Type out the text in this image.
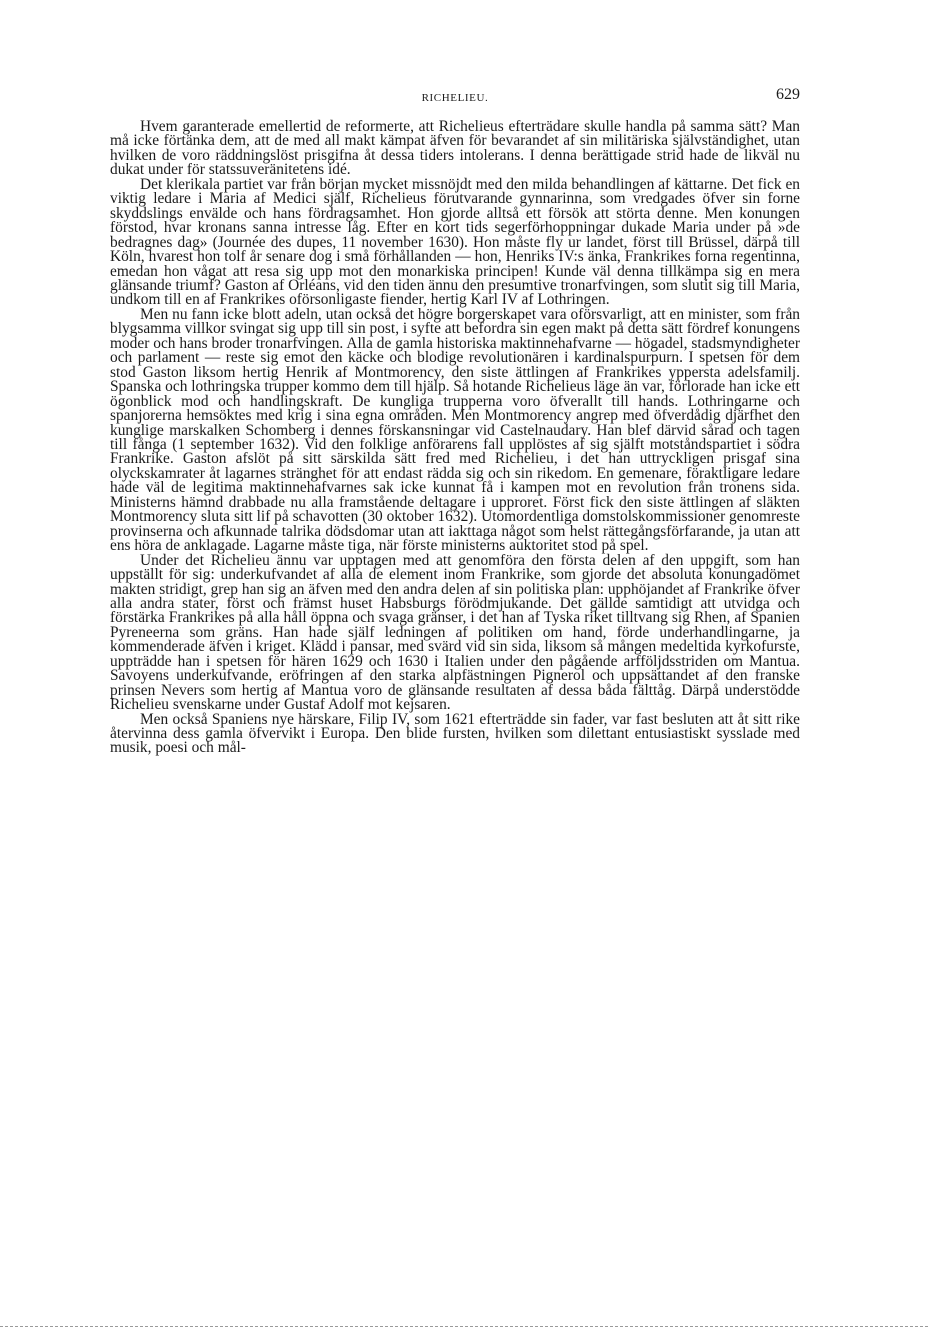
RICHELIEU.	629

Hvem garanterade emellertid de reformerte, att Richelieus efterträdare skulle handla på samma sätt? Man må icke förtänka dem, att de med all makt kämpat äfven för bevarandet af sin militäriska självständighet, utan hvilken de voro räddningslöst prisgifna åt dessa tiders intolerans. I denna berättigade strid hade de likväl nu dukat under för statssuveränitetens idé.

Det klerikala partiet var från början mycket missnöjdt med den milda behandlingen af kättarne. Det fick en viktig ledare i Maria af Medici själf, Richelieus förutvarande gynnarinna, som vredgades öfver sin forne skyddslings envälde och hans fördragsamhet. Hon gjorde alltså ett försök att störta denne. Men konungen förstod, hvar kronans sanna intresse låg. Efter en kort tids segerförhoppningar dukade Maria under på »de bedragnes dag» (Journée des dupes, 11 november 1630). Hon måste fly ur landet, först till Brüssel, därpå till Köln, hvarest hon tolf år senare dog i små förhållanden — hon, Henriks IV:s änka, Frankrikes forna regentinna, emedan hon vågat att resa sig upp mot den monarkiska principen! Kunde väl denna tillkämpa sig en mera glänsande triumf? Gaston af Orléans, vid den tiden ännu den presumtive tronarfvingen, som slutit sig till Maria, undkom till en af Frankrikes oförsonligaste fiender, hertig Karl IV af Lothringen.

Men nu fann icke blott adeln, utan också det högre borgerskapet vara oförsvarligt, att en minister, som från blygsamma villkor svingat sig upp till sin post, i syfte att befordra sin egen makt på detta sätt fördref konungens moder och hans broder tronarfvingen. Alla de gamla historiska maktinnehafvarne — högadel, stadsmyndigheter och parlament — reste sig emot den käcke och blodige revolutionären i kardinalspurpurn. I spetsen för dem stod Gaston liksom hertig Henrik af Montmorency, den siste ättlingen af Frankrikes yppersta adelsfamilj. Spanska och lothringska trupper kommo dem till hjälp. Så hotande Richelieus läge än var, förlorade han icke ett ögonblick mod och handlingskraft. De kungliga trupperna voro öfverallt till hands. Lothringarne och spanjorerna hemsöktes med krig i sina egna områden. Men Montmorency angrep med öfverdådig djärfhet den kunglige marskalken Schomberg i dennes förskansningar vid Castelnaudary. Han blef därvid sårad och tagen till fånga (1 september 1632). Vid den folklige anförarens fall upplöstes af sig själft motståndspartiet i södra Frankrike. Gaston afslöt på sitt särskilda sätt fred med Richelieu, i det han uttryckligen prisgaf sina olyckskamrater åt lagarnes stränghet för att endast rädda sig och sin rikedom. En gemenare, föraktligare ledare hade väl de legitima maktinnehafvarnes sak icke kunnat få i kampen mot en revolution från tronens sida. Ministerns hämnd drabbade nu alla framstående deltagare i upproret. Först fick den siste ättlingen af släkten Montmorency sluta sitt lif på schavotten (30 oktober 1632). Utomordentliga domstolskommissioner genomreste provinserna och afkunnade talrika dödsdomar utan att iakttaga något som helst rättegångsförfarande, ja utan att ens höra de anklagade. Lagarne måste tiga, när förste ministerns auktoritet stod på spel.

Under det Richelieu ännu var upptagen med att genomföra den första delen af den uppgift, som han uppställt för sig: underkufvandet af alla de element inom Frankrike, som gjorde det absoluta konungadömet makten stridigt, grep han sig an äfven med den andra delen af sin politiska plan: upphöjandet af Frankrike öfver alla andra stater, först och främst huset Habsburgs förödmjukande. Det gällde samtidigt att utvidga och förstärka Frankrikes på alla håll öppna och svaga gränser, i det han af Tyska riket tilltvang sig Rhen, af Spanien Pyreneerna som gräns. Han hade själf ledningen af politiken om hand, förde underhandlingarne, ja kommenderade äfven i kriget. Klädd i pansar, med svärd vid sin sida, liksom så mången medeltida kyrkofurste, uppträdde han i spetsen för hären 1629 och 1630 i Italien under den pågående arfföljdsstriden om Mantua. Savoyens underkufvande, eröfringen af den starka alpfästningen Pignerol och uppsättandet af den franske prinsen Nevers som hertig af Mantua voro de glänsande resultaten af dessa båda fälttåg. Därpå understödde Richelieu svenskarne under Gustaf Adolf mot kejsaren.

Men också Spaniens nye härskare, Filip IV, som 1621 efterträdde sin fader, var fast besluten att åt sitt rike återvinna dess gamla öfvervikt i Europa. Den blide fursten, hvilken som dilettant entusiastiskt sysslade med musik, poesi och mål-
